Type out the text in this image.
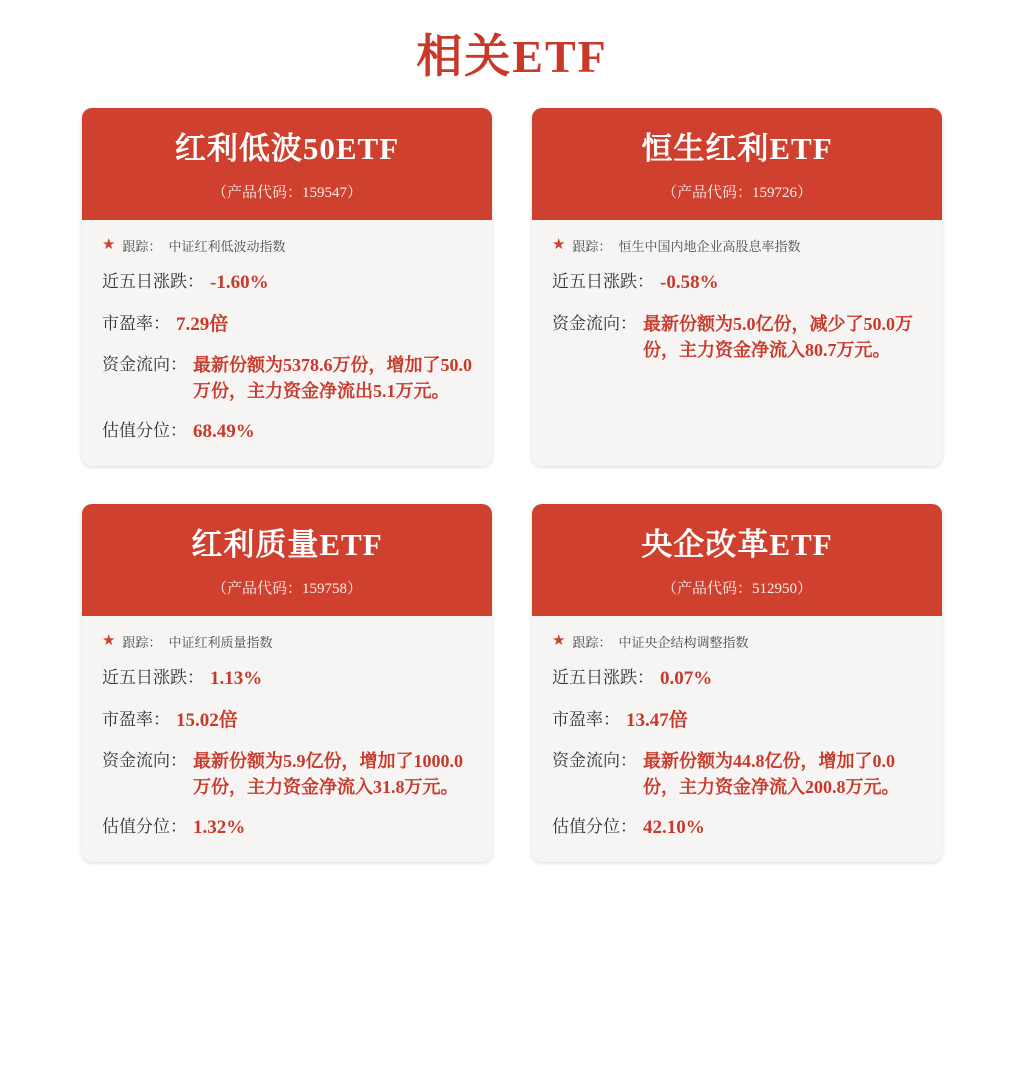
相关ETF
红利低波50ETF
（产品代码：159547）
★ 跟踪： 中证红利低波动指数
近五日涨跌： -1.60%
市盈率： 7.29倍
资金流向： 最新份额为5378.6万份，增加了50.0万份，主力资金净流出5.1万元。
估值分位： 68.49%
恒生红利ETF
（产品代码：159726）
★ 跟踪： 恒生中国内地企业高股息率指数
近五日涨跌： -0.58%
资金流向： 最新份额为5.0亿份，减少了50.0万份，主力资金净流入80.7万元。
红利质量ETF
（产品代码：159758）
★ 跟踪： 中证红利质量指数
近五日涨跌： 1.13%
市盈率： 15.02倍
资金流向： 最新份额为5.9亿份，增加了1000.0万份，主力资金净流入31.8万元。
估值分位： 1.32%
央企改革ETF
（产品代码：512950）
★ 跟踪： 中证央企结构调整指数
近五日涨跌： 0.07%
市盈率： 13.47倍
资金流向： 最新份额为44.8亿份，增加了0.0份，主力资金净流入200.8万元。
估值分位： 42.10%
